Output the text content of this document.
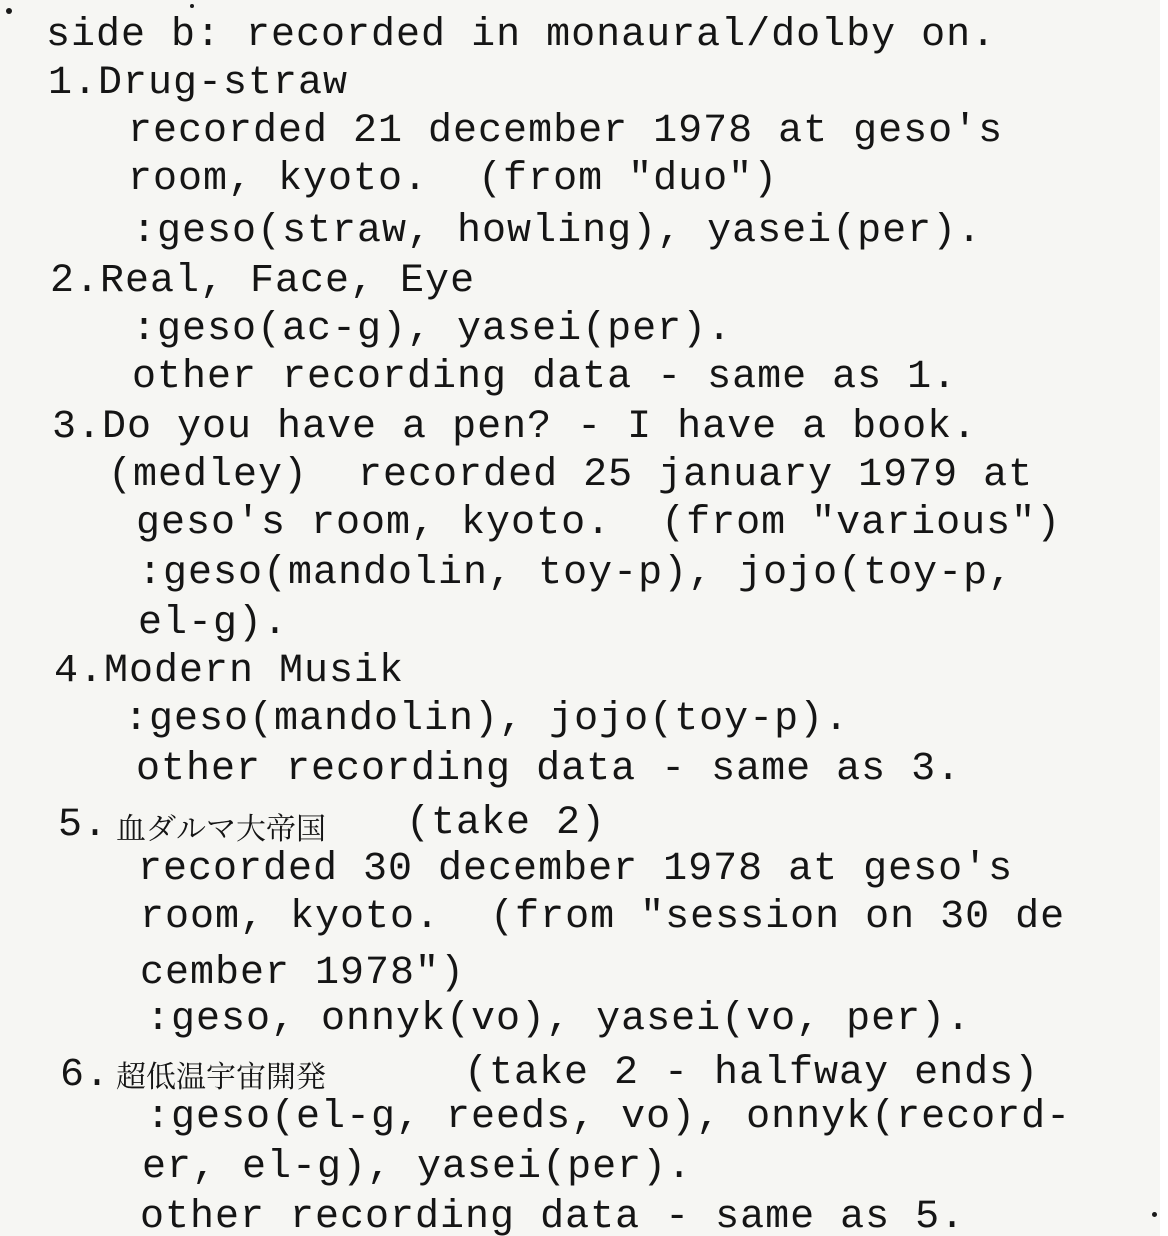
side b: recorded in monaural/dolby on.
1.Drug-straw
recorded 21 december 1978 at geso's
room, kyoto.  (from "duo")
:geso(straw, howling), yasei(per).
2.Real, Face, Eye
:geso(ac-g), yasei(per).
other recording data - same as 1.
3.Do you have a pen? - I have a book.
(medley)  recorded 25 january 1979 at
geso's room, kyoto.  (from "various")
:geso(mandolin, toy-p), jojo(toy-p,
el-g).
4.Modern Musik
:geso(mandolin), jojo(toy-p).
other recording data - same as 3.
5. 血ダルマ大帝国 (take 2)
recorded 30 december 1978 at geso's
room, kyoto.  (from "session on 30 de
cember 1978")
:geso, onnyk(vo), yasei(vo, per).
6. 超低温宇宙開発	(take 2 - halfway ends)
:geso(el-g, reeds, vo), onnyk(record-
er, el-g), yasei(per).
other recording data - same as 5.
